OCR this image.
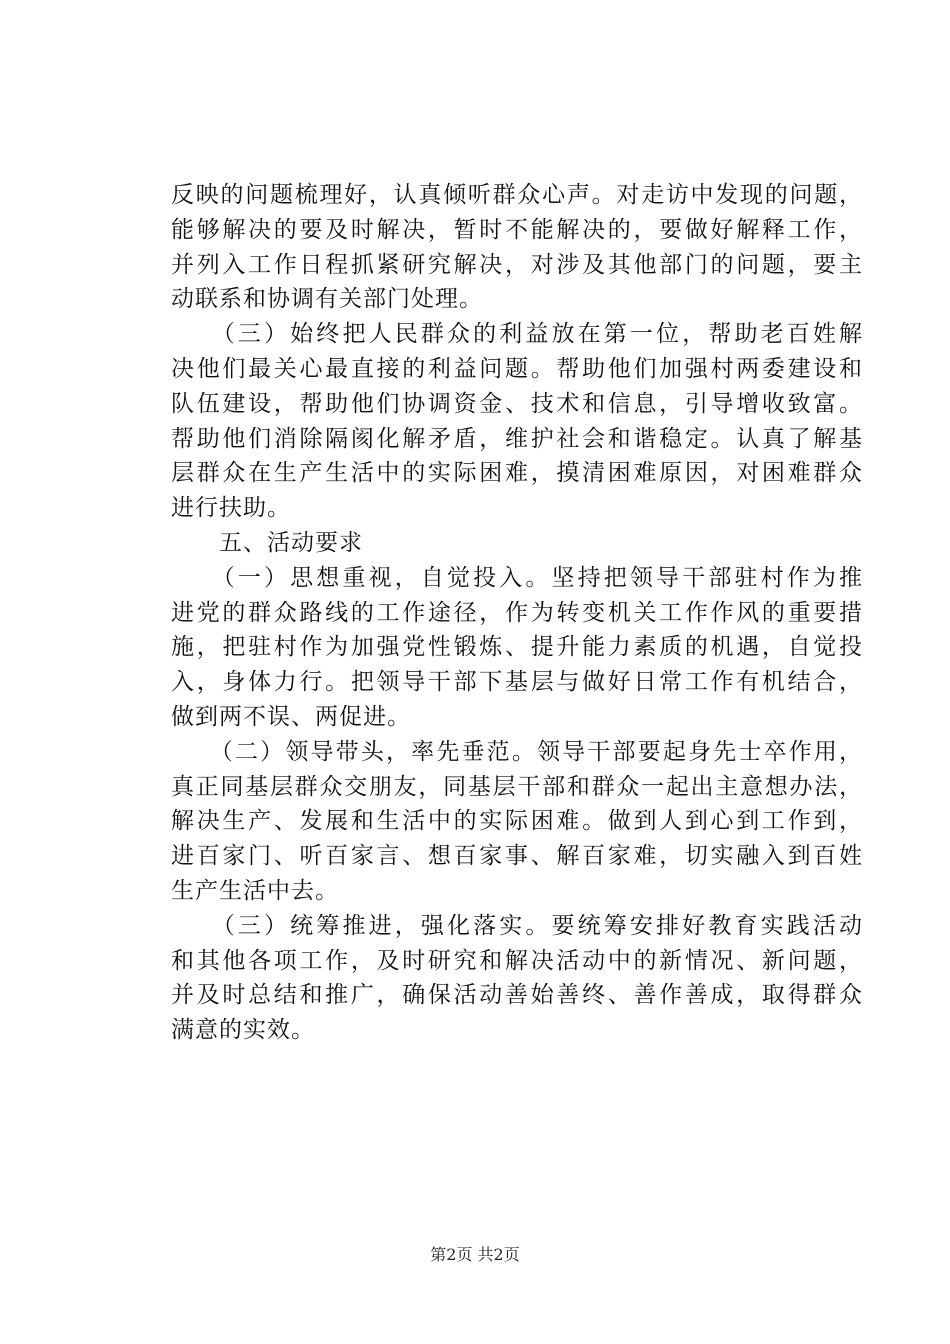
反映的问题梳理好，认真倾听群众心声。对走访中发现的问题，
能够解决的要及时解决，暂时不能解决的，要做好解释工作，
并列入工作日程抓紧研究解决，对涉及其他部门的问题，要主
动联系和协调有关部门处理。
　　（三）始终把人民群众的利益放在第一位，帮助老百姓解
决他们最关心最直接的利益问题。帮助他们加强村两委建设和
队伍建设，帮助他们协调资金、技术和信息，引导增收致富。
帮助他们消除隔阂化解矛盾，维护社会和谐稳定。认真了解基
层群众在生产生活中的实际困难，摸清困难原因，对困难群众
进行扶助。
　　五、活动要求
　　（一）思想重视，自觉投入。坚持把领导干部驻村作为推
进党的群众路线的工作途径，作为转变机关工作作风的重要措
施，把驻村作为加强党性锻炼、提升能力素质的机遇，自觉投
入，身体力行。把领导干部下基层与做好日常工作有机结合，
做到两不误、两促进。
　　（二）领导带头，率先垂范。领导干部要起身先士卒作用，
真正同基层群众交朋友，同基层干部和群众一起出主意想办法，
解决生产、发展和生活中的实际困难。做到人到心到工作到，
进百家门、听百家言、想百家事、解百家难，切实融入到百姓
生产生活中去。
　　（三）统筹推进，强化落实。要统筹安排好教育实践活动
和其他各项工作，及时研究和解决活动中的新情况、新问题，
并及时总结和推广，确保活动善始善终、善作善成，取得群众
满意的实效。
第2页 共2页
